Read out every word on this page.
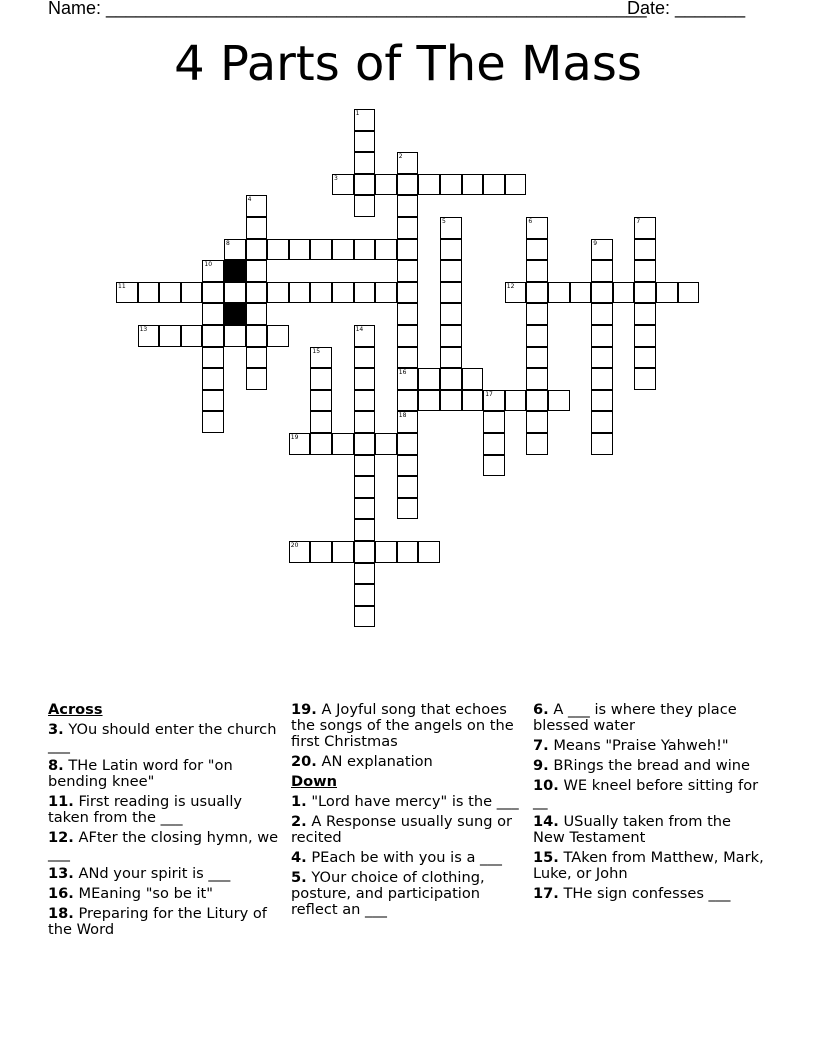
Name: ______________________________________________________
Date: _______
4 Parts of The Mass
1
2
16
18
3
4
5	6	7
8	9
10
11	12
13	14
15
17
19
20
Across
3. YOu should enter the church ___
8. THe Latin word for "on bending knee"
11. First reading is usually taken from the ___
12. AFter the closing hymn, we ___
13. ANd your spirit is ___
16. MEaning "so be it"
18. Preparing for the Litury of the Word
19. A Joyful song that echoes the songs of the angels on the first Christmas
20. AN explanation
Down
1. "Lord have mercy" is the ___
2. A Response usually sung or recited
4. PEach be with you is a ___
5. YOur choice of clothing, posture, and participation reflect an ___
6. A ___ is where they place blessed water
7. Means "Praise Yahweh!"
9. BRings the bread and wine
10. WE kneel before sitting for __
14. USually taken from the New Testament
15. TAken from Matthew, Mark, Luke, or John
17. THe sign confesses ___
